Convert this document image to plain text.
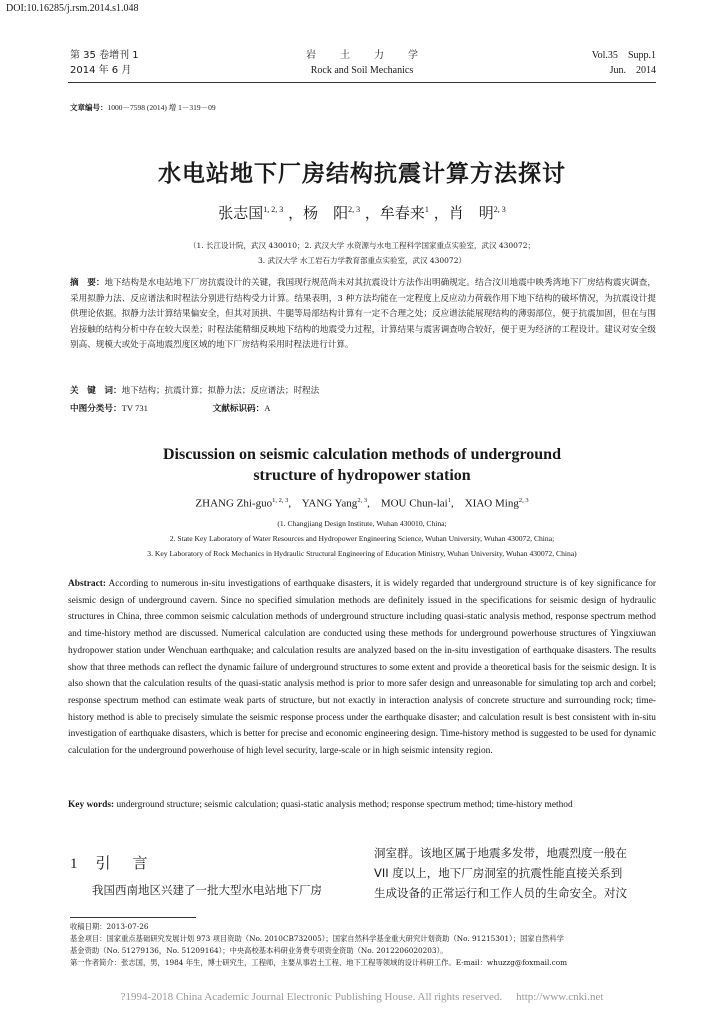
DOI:10.16285/j.rsm.2014.s1.048
第 35 卷增刊 1
2014 年 6 月
岩土力学
Rock and Soil Mechanics
Vol.35 Supp.1
Jun. 2014
文章编号：1000－7598 (2014) 增 1－319－09
水电站地下厂房结构抗震计算方法探讨
张志国$^{1, 2, 3}$ ，杨　阳$^{2, 3}$ ，牟春来$^1$ ，肖　明$^{2, 3}$
（1. 长江设计院，武汉 430010；2. 武汉大学 水资源与水电工程科学国家重点实验室，武汉 430072；
3. 武汉大学 水工岩石力学教育部重点实验室，武汉 430072）
摘　要：地下结构是水电站地下厂房抗震设计的关键，我国现行规范尚未对其抗震设计方法作出明确规定。结合汶川地震中映秀湾地下厂房结构震灾调查，采用拟静力法、反应谱法和时程法分别进行结构受力计算。结果表明，3 种方法均能在一定程度上反应动力荷载作用下地下结构的破坏情况，为抗震设计提供理论依据。拟静力法计算结果偏安全，但其对顶拱、牛腿等局部结构计算有一定不合理之处；反应谱法能展现结构的薄弱部位，便于抗震加固，但在与围岩接触的结构分析中存在较大误差；时程法能精细反映地下结构的地震受力过程，计算结果与震害调查吻合较好，便于更为经济的工程设计。建议对安全级别高、规模大或处于高地震烈度区域的地下厂房结构采用时程法进行计算。
关　键　词：地下结构；抗震计算；拟静力法；反应谱法；时程法
中图分类号：TV 731	文献标识码：A
Discussion on seismic calculation methods of underground
structure of hydropower station
ZHANG Zhi-guo$^{1, 2, 3}$,    YANG Yang$^{2, 3}$,    MOU Chun-lai$^1$,    XIAO Ming$^{2, 3}$
(1. Changjiang Design Institute, Wuhan 430010, China;
2. State Key Laboratory of Water Resources and Hydropower Engineering Science, Wuhan University, Wuhan 430072, China;
3. Key Laboratory of Rock Mechanics in Hydraulic Structural Engineering of Education Ministry, Wuhan University, Wuhan 430072, China)
Abstract: According to numerous in-situ investigations of earthquake disasters, it is widely regarded that underground structure is of key significance for seismic design of underground cavern. Since no specified simulation methods are definitely issued in the specifications for seismic design of hydraulic structures in China, three common seismic calculation methods of underground structure including quasi-static analysis method, response spectrum method and time-history method are discussed. Numerical calculation are conducted using these methods for underground powerhouse structures of Yingxiuwan hydropower station under Wenchuan earthquake; and calculation results are analyzed based on the in-situ investigation of earthquake disasters. The results show that three methods can reflect the dynamic failure of underground structures to some extent and provide a theoretical basis for the seismic design. It is also shown that the calculation results of the quasi-static analysis method is prior to more safer design and unreasonable for simulating top arch and corbel; response spectrum method can estimate weak parts of structure, but not exactly in interaction analysis of concrete structure and surrounding rock; time-history method is able to precisely simulate the seismic response process under the earthquake disaster; and calculation result is best consistent with in-situ investigation of earthquake disasters, which is better for precise and economic engineering design. Time-history method is suggested to be used for dynamic calculation for the underground powerhouse of high level security, large-scale or in high seismic intensity region.
Key words: underground structure; seismic calculation; quasi-static analysis method; response spectrum method; time-history method
1 引言
我国西南地区兴建了一批大型水电站地下厂房
洞室群。该地区属于地震多发带，地震烈度一般在
VII 度以上，地下厂房洞室的抗震性能直接关系到
生成设备的正常运行和工作人员的生命安全。对汶
收稿日期：2013-07-26
基金项目：国家重点基础研究发展计划 973 项目资助（No. 2010CB732005）；国家自然科学基金重大研究计划资助（No. 91215301）；国家自然科学
基金资助（No. 51279136，No. 51209164）；中央高校基本科研业务费专项资金资助（No. 2012206020203）。
第一作者简介：张志国，男，1984 年生，博士研究生，工程师，主要从事岩土工程、地下工程等领域的设计科研工作。E-mail：whuzzg@foxmail.com
?1994-2018 China Academic Journal Electronic Publishing House. All rights reserved. http://www.cnki.net
